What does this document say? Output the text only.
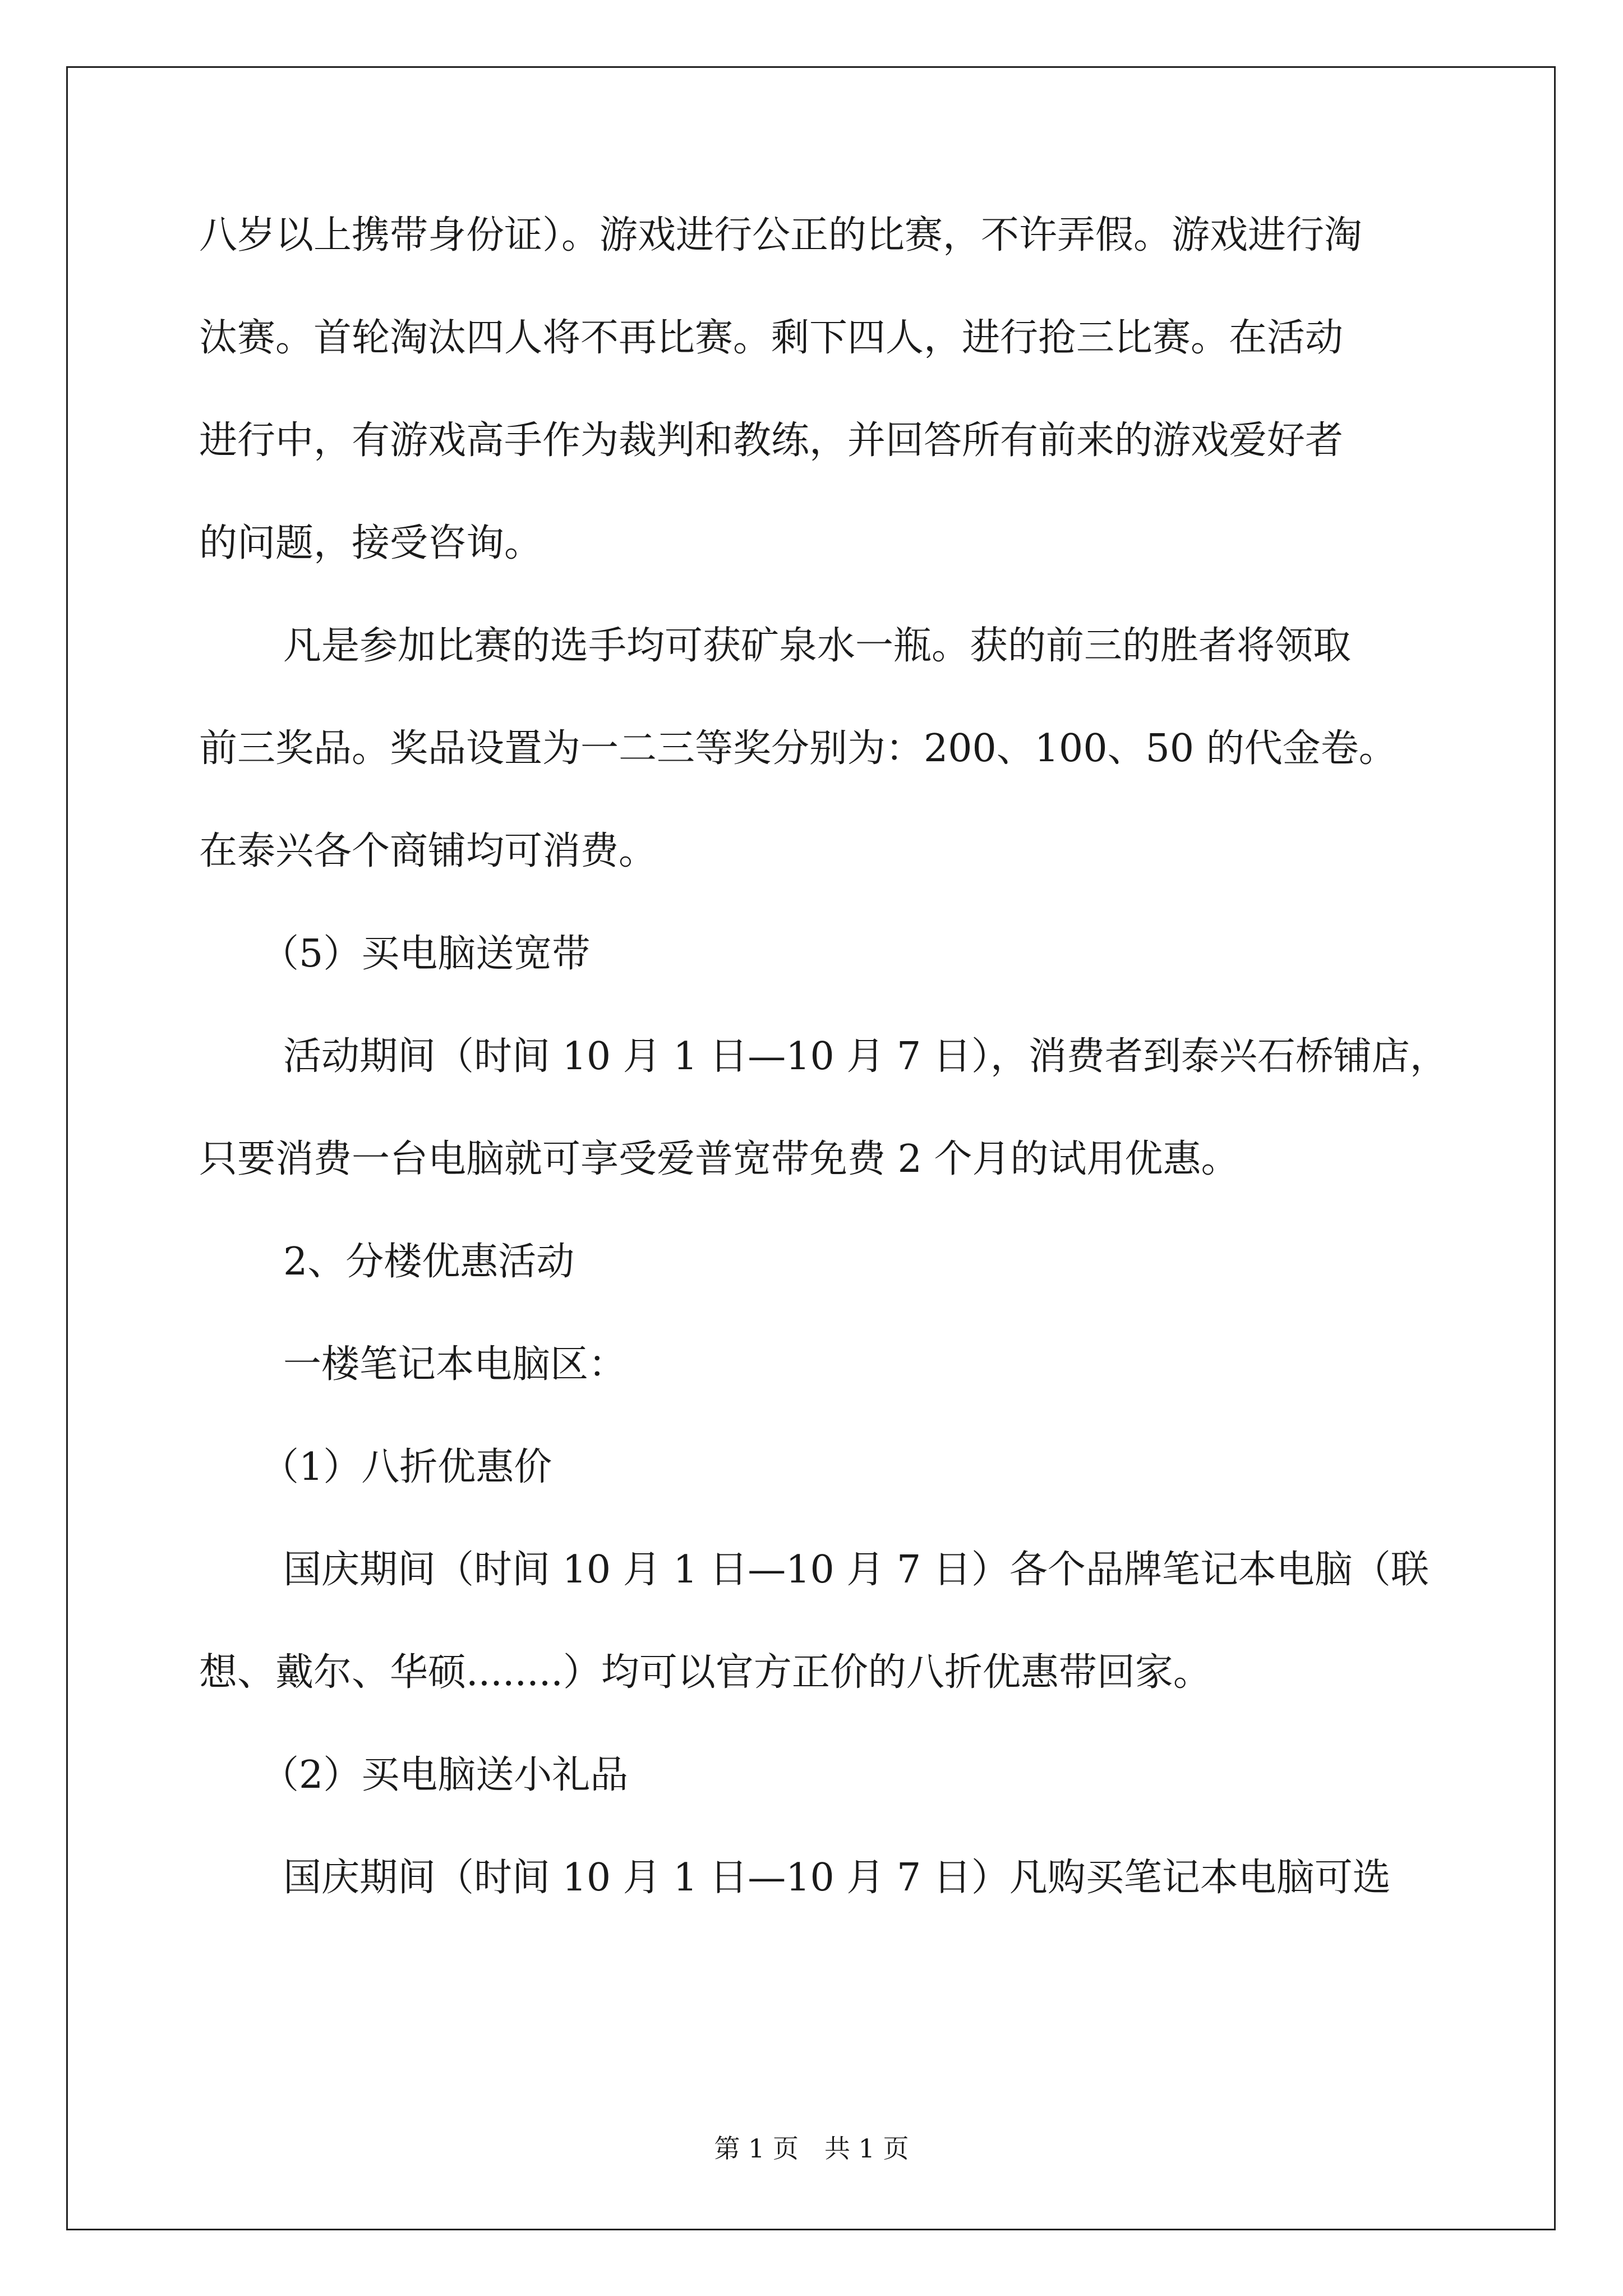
八岁以上携带身份证）。游戏进行公正的比赛，不许弄假。游戏进行淘
汰赛。首轮淘汰四人将不再比赛。剩下四人，进行抢三比赛。在活动
进行中，有游戏高手作为裁判和教练，并回答所有前来的游戏爱好者
的问题，接受咨询。
凡是参加比赛的选手均可获矿泉水一瓶。获的前三的胜者将领取
前三奖品。奖品设置为一二三等奖分别为：200、100、50 的代金卷。
在泰兴各个商铺均可消费。
（5）买电脑送宽带
活动期间（时间 10 月 1 日—10 月 7 日），消费者到泰兴石桥铺店，
只要消费一台电脑就可享受爱普宽带免费 2 个月的试用优惠。
2、分楼优惠活动
一楼笔记本电脑区：
（1）八折优惠价
国庆期间（时间 10 月 1 日—10 月 7 日）各个品牌笔记本电脑（联
想、戴尔、华硕........）均可以官方正价的八折优惠带回家。
（2）买电脑送小礼品
国庆期间（时间 10 月 1 日—10 月 7 日）凡购买笔记本电脑可选
第 1 页　共 1 页
